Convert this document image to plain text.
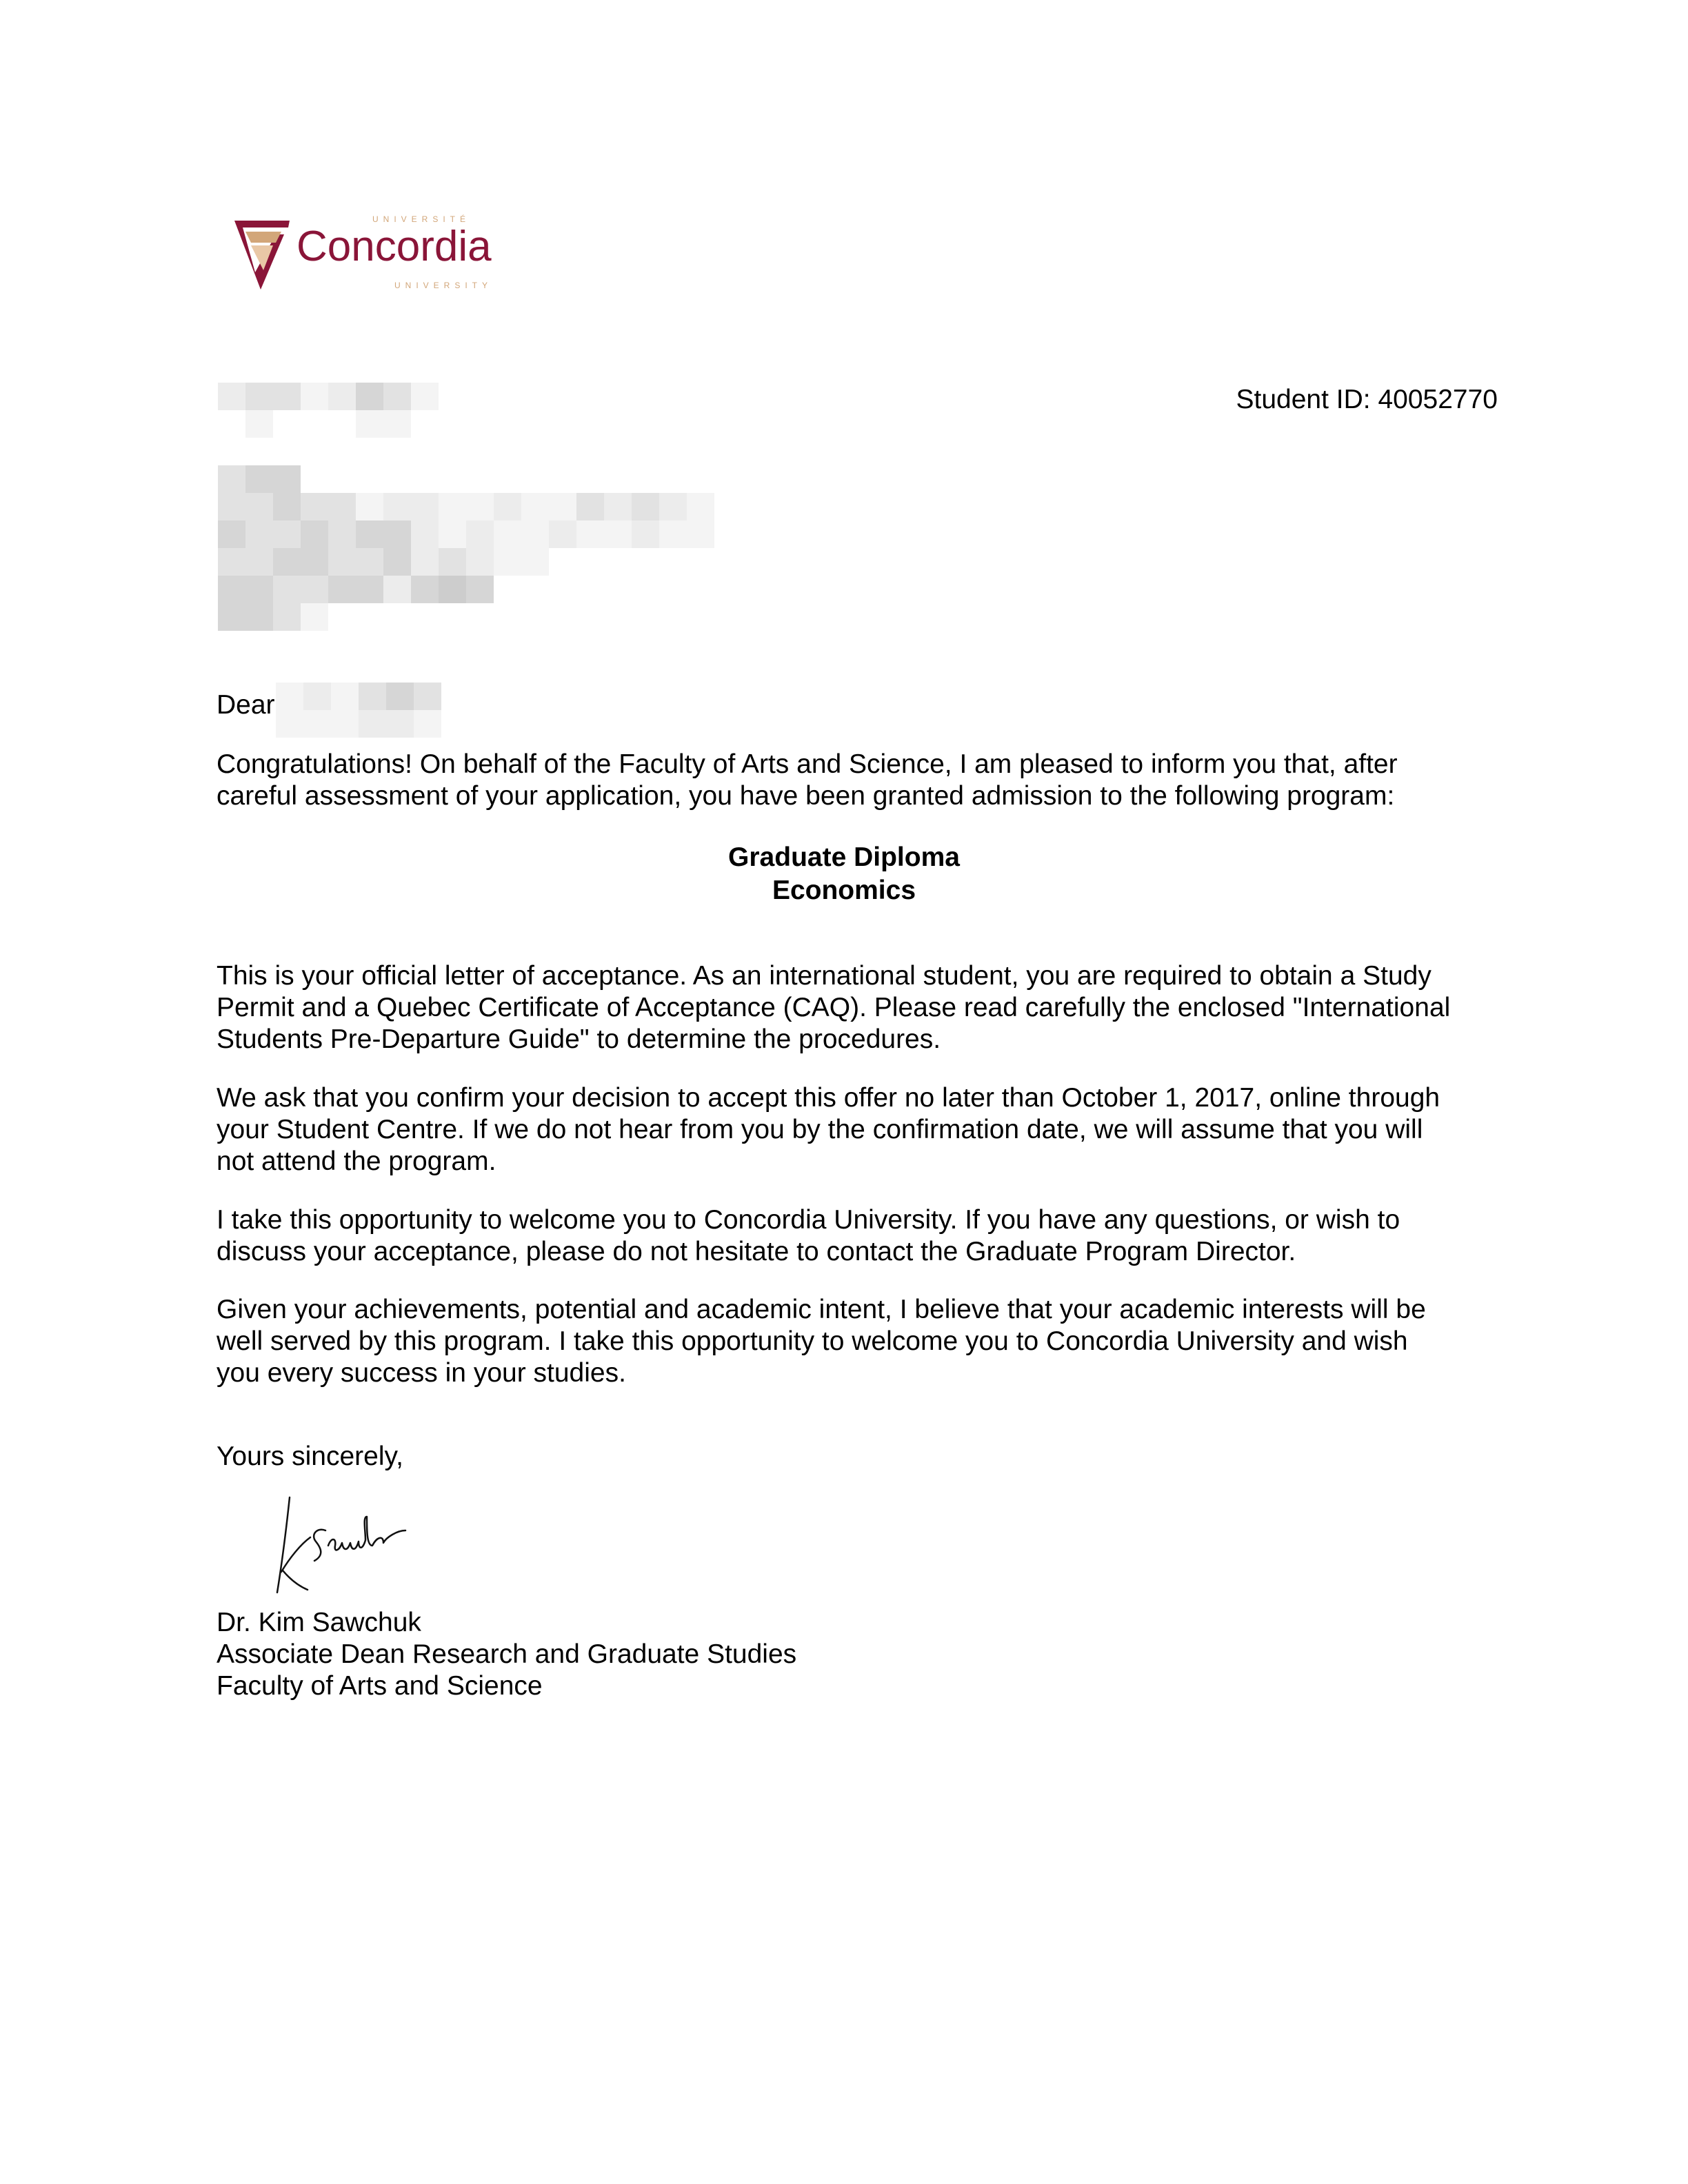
Concordia
UNIVERSITÉ
UNIVERSITY
Student ID: 40052770

Dear

Congratulations! On behalf of the Faculty of Arts and Science, I am pleased to inform you that, after
careful assessment of your application, you have been granted admission to the following program:

Graduate Diploma
Economics

This is your official letter of acceptance. As an international student, you are required to obtain a Study
Permit and a Quebec Certificate of Acceptance (CAQ). Please read carefully the enclosed "International
Students Pre-Departure Guide" to determine the procedures.

We ask that you confirm your decision to accept this offer no later than October 1, 2017, online through
your Student Centre. If we do not hear from you by the confirmation date, we will assume that you will
not attend the program.

I take this opportunity to welcome you to Concordia University. If you have any questions, or wish to
discuss your acceptance, please do not hesitate to contact the Graduate Program Director.

Given your achievements, potential and academic intent, I believe that your academic interests will be
well served by this program. I take this opportunity to welcome you to Concordia University and wish
you every success in your studies.

Yours sincerely,

Dr. Kim Sawchuk
Associate Dean Research and Graduate Studies
Faculty of Arts and Science
